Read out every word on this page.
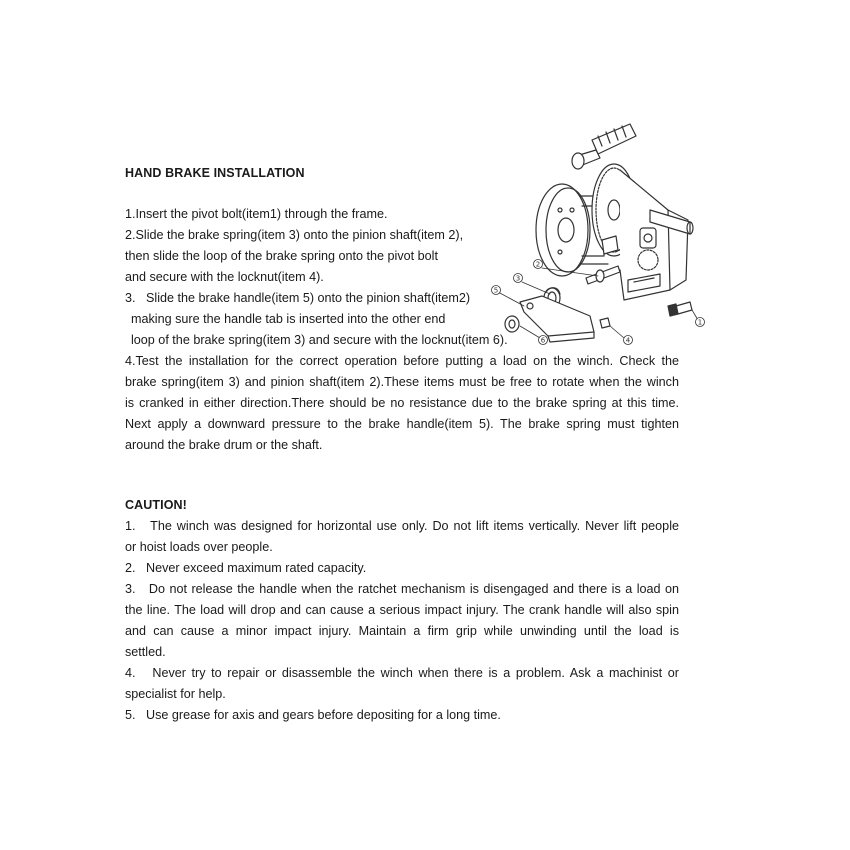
HAND BRAKE INSTALLATION
1.Insert the pivot bolt(item1) through the frame.
2.Slide the brake spring(item 3) onto the pinion shaft(item 2),
then slide the loop of the brake spring onto the pivot bolt
and secure with the locknut(item 4).
3.   Slide the brake handle(item 5) onto the pinion shaft(item2)
making sure the handle tab is inserted into the other end
loop of the brake spring(item 3) and secure with the locknut(item 6).
4.Test the installation for the correct operation before putting a load on the winch. Check the
brake spring(item 3) and pinion shaft(item 2).These items must be free to rotate when the winch
is cranked in either direction.There should be no resistance due to the brake spring at this time.
Next apply a downward pressure to the brake handle(item 5). The brake spring must tighten
around the brake drum or the shaft.
CAUTION!
1.   The winch was designed for horizontal use only. Do not lift items vertically. Never lift people
or hoist loads over people.
2.   Never exceed maximum rated capacity.
3.   Do not release the handle when the ratchet mechanism is disengaged and there is a load on
the line. The load will drop and can cause a serious impact injury. The crank handle will also spin
and can cause a minor impact injury. Maintain a firm grip while unwinding until the load is
settled.
4.   Never try to repair or disassemble the winch when there is a problem. Ask a machinist or
specialist for help.
5.   Use grease for axis and gears before depositing for a long time.
1
2
3
4
5
6
